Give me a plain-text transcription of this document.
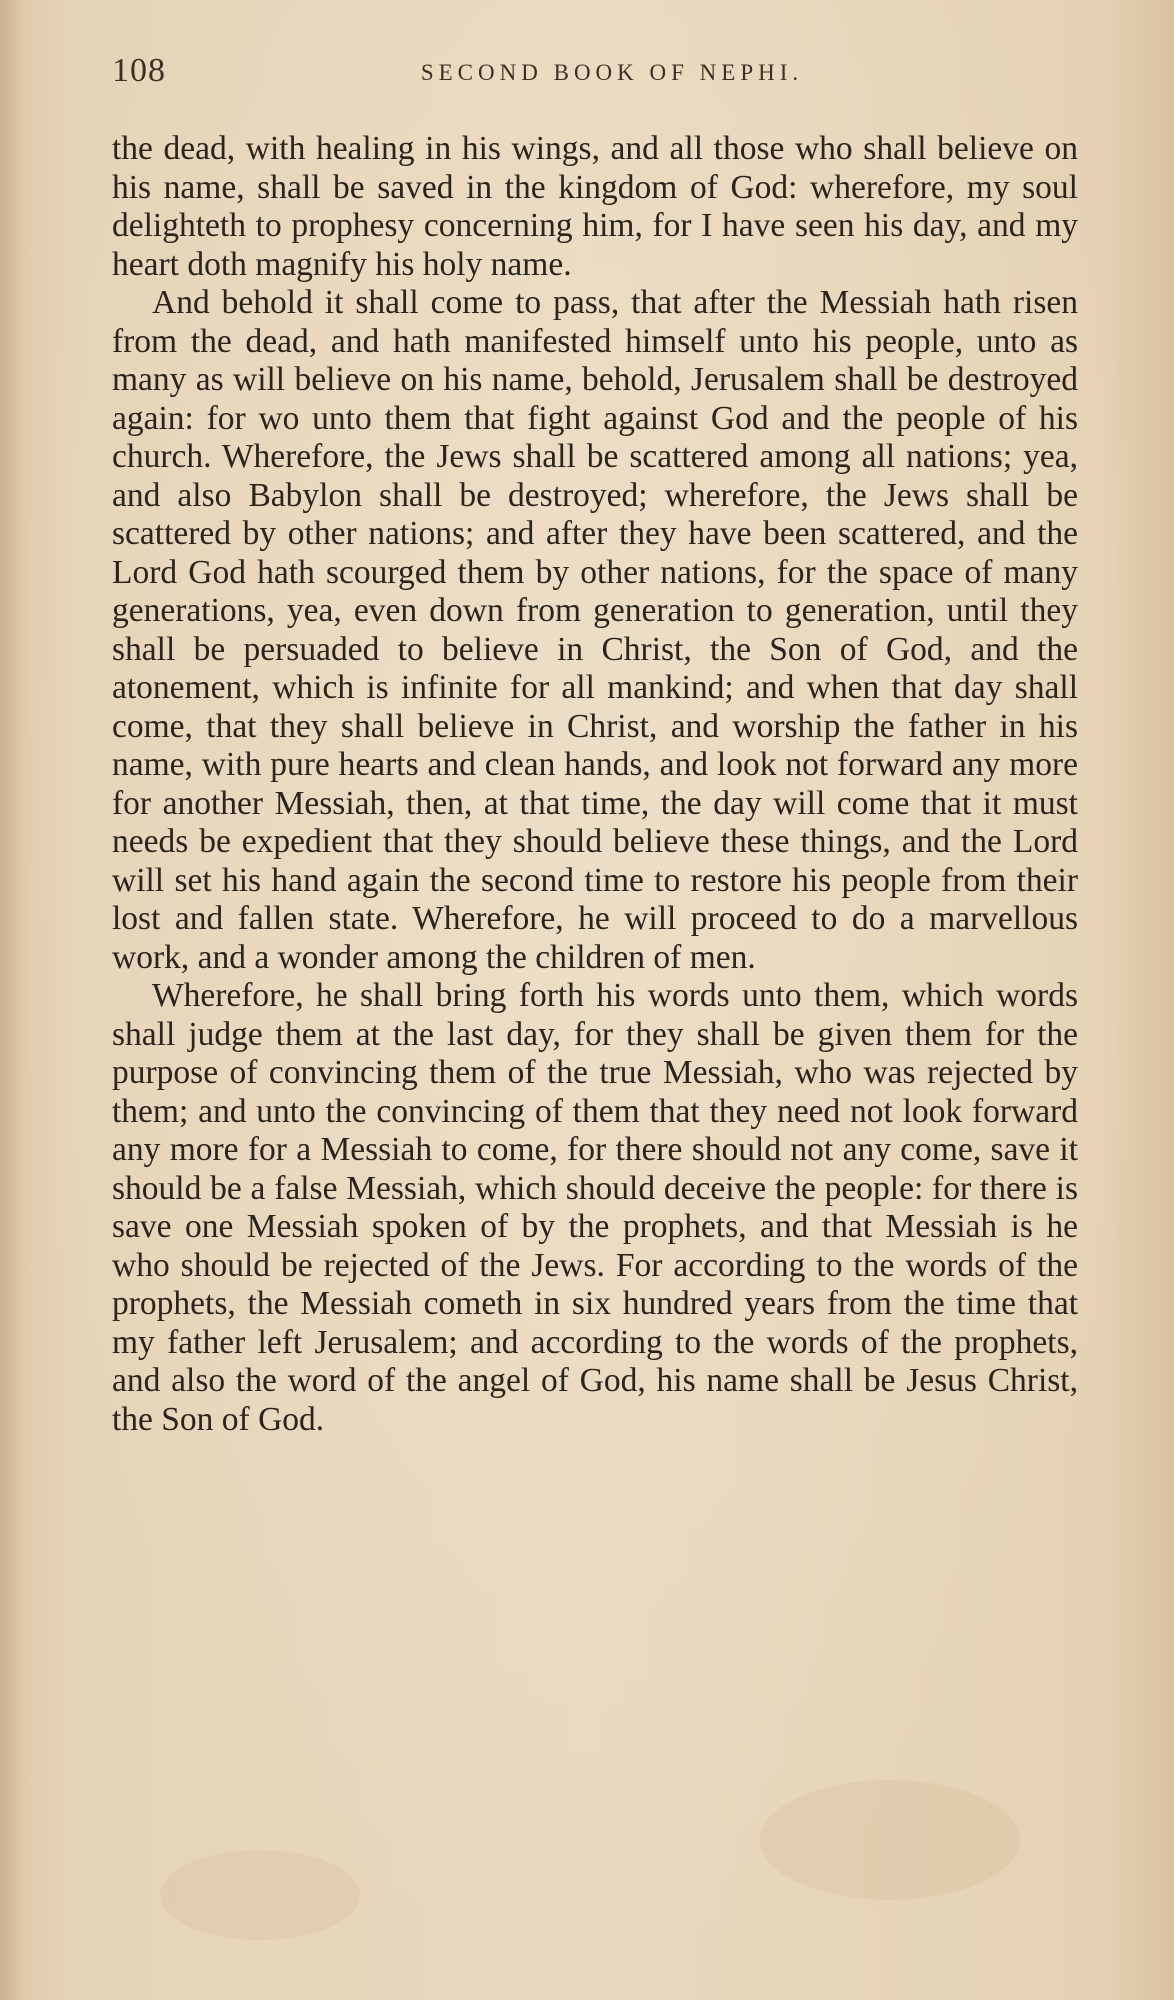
108	SECOND BOOK OF NEPHI.

the dead, with healing in his wings, and all those who shall believe on his name, shall be saved in the kingdom of God: wherefore, my soul delighteth to prophesy concerning him, for I have seen his day, and my heart doth magnify his holy name.

And behold it shall come to pass, that after the Messiah hath risen from the dead, and hath manifested himself unto his people, unto as many as will believe on his name, behold, Jerusalem shall be destroyed again: for wo unto them that fight against God and the people of his church. Wherefore, the Jews shall be scattered among all nations; yea, and also Babylon shall be destroyed; wherefore, the Jews shall be scattered by other nations; and after they have been scattered, and the Lord God hath scourged them by other nations, for the space of many generations, yea, even down from generation to generation, until they shall be persuaded to believe in Christ, the Son of God, and the atonement, which is infinite for all mankind; and when that day shall come, that they shall believe in Christ, and worship the father in his name, with pure hearts and clean hands, and look not forward any more for another Messiah, then, at that time, the day will come that it must needs be expedient that they should believe these things, and the Lord will set his hand again the second time to restore his people from their lost and fallen state. Wherefore, he will proceed to do a marvellous work, and a wonder among the children of men.

Wherefore, he shall bring forth his words unto them, which words shall judge them at the last day, for they shall be given them for the purpose of convincing them of the true Messiah, who was rejected by them; and unto the convincing of them that they need not look forward any more for a Messiah to come, for there should not any come, save it should be a false Messiah, which should deceive the people: for there is save one Messiah spoken of by the prophets, and that Messiah is he who should be rejected of the Jews. For according to the words of the prophets, the Messiah cometh in six hundred years from the time that my father left Jerusalem; and according to the words of the prophets, and also the word of the angel of God, his name shall be Jesus Christ, the Son of God.
